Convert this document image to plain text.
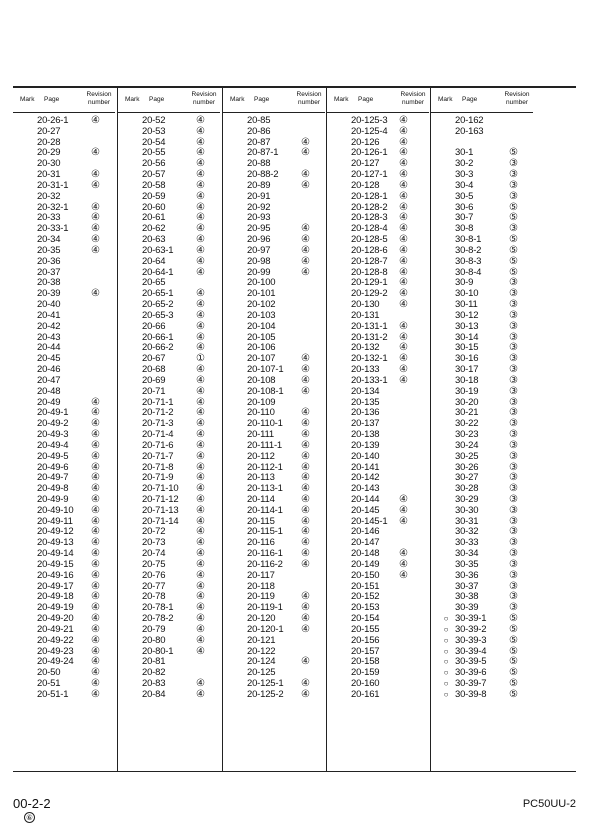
Mark Page
Revision
number
20-26-1 ④
20-27
20-28
20-29	④
20-30
20-31	④
20-31-1 ④
20-32
20-32-1 ④
20-33	④
20-33-1 ④
20-34	④
20-35	④
20-36
20-37
20-38
20-39	④
20-40
20-41
20-42
20-43
20-44
20-45
20-46
20-47
20-48
20-49	④
20-49-1 ④
20-49-2 ④
20-49-3 ④
20-49-4 ④
20-49-5 ④
20-49-6 ④
20-49-7 ④
20-49-8 ④
20-49-9 ④
20-49-10 ④
20-49-11 ④
20-49-12 ④
20-49-13 ④
20-49-14 ④
20-49-15 ④
20-49-16 ④
20-49-17 ④
20-49-18 ④
20-49-19 ④
20-49-20 ④
20-49-21 ④
20-49-22 ④
20-49-23 ④
20-49-24 ④
20-50	④
20-51	④
20-51-1 ④
Mark Page
Revision
number
20-52	④
20-53	④
20-54	④
20-55	④
20-56	④
20-57	④
20-58	④
20-59	④
20-60	④
20-61	④
20-62	④
20-63	④
20-63-1 ④
20-64	④
20-64-1 ④
20-65
20-65-1 ④
20-65-2 ④
20-65-3 ④
20-66	④
20-66-1 ④
20-66-2 ④
20-67	①
20-68	④
20-69	④
20-71	④
20-71-1 ④
20-71-2 ④
20-71-3 ④
20-71-4 ④
20-71-6 ④
20-71-7 ④
20-71-8 ④
20-71-9 ④
20-71-10 ④
20-71-12 ④
20-71-13 ④
20-71-14 ④
20-72	④
20-73	④
20-74	④
20-75	④
20-76	④
20-77	④
20-78	④
20-78-1 ④
20-78-2 ④
20-79	④
20-80	④
20-80-1 ④
20-81
20-82
20-83	④
20-84	④
Mark Page
Revision
number
20-85
20-86
20-87	④
20-87-1 ④
20-88
20-88-2 ④
20-89	④
20-91
20-92
20-93
20-95	④
20-96	④
20-97	④
20-98	④
20-99	④
20-100
20-101
20-102
20-103
20-104
20-105
20-106
20-107	④
20-107-1 ④
20-108	④
20-108-1 ④
20-109
20-110	④
20-110-1 ④
20-111	④
20-111-1 ④
20-112	④
20-112-1 ④
20-113	④
20-113-1 ④
20-114	④
20-114-1 ④
20-115	④
20-115-1 ④
20-116	④
20-116-1 ④
20-116-2 ④
20-117
20-118
20-119	④
20-119-1 ④
20-120	④
20-120-1 ④
20-121
20-122
20-124	④
20-125
20-125-1 ④
20-125-2 ④
Mark Page
Revision
number
20-125-3 ④
20-125-4 ④
20-126 ④
20-126-1 ④
20-127 ④
20-127-1 ④
20-128 ④
20-128-1 ④
20-128-2 ④
20-128-3 ④
20-128-4 ④
20-128-5 ④
20-128-6 ④
20-128-7 ④
20-128-8 ④
20-129-1 ④
20-129-2 ④
20-130 ④
20-131
20-131-1 ④
20-131-2 ④
20-132 ④
20-132-1 ④
20-133 ④
20-133-1 ④
20-134
20-135
20-136
20-137
20-138
20-139
20-140
20-141
20-142
20-143
20-144 ④
20-145 ④
20-145-1 ④
20-146
20-147
20-148 ④
20-149 ④
20-150 ④
20-151
20-152
20-153
20-154
20-155
20-156
20-157
20-158
20-159
20-160
20-161
Mark Page
Revision
number
20-162
20-163
30-1	⑤
30-2	③
30-3	③
30-4	③
30-5	③
30-6	⑤
30-7	⑤
30-8	③
30-8-1	⑤
30-8-2	⑤
30-8-3	⑤
30-8-4	⑤
30-9	③
30-10	③
30-11	③
30-12	③
30-13	③
30-14	③
30-15	③
30-16	③
30-17	③
30-18	③
30-19	③
30-20	③
30-21	③
30-22	③
30-23	③
30-24	③
30-25	③
30-26	③
30-27	③
30-28	③
30-29	③
30-30	③
30-31	③
30-32	③
30-33	③
30-34	③
30-35	③
30-36	③
30-37	③
30-38	③
30-39	③
○ 30-39-1 ⑤
○ 30-39-2 ⑤
○ 30-39-3 ⑤
○ 30-39-4 ⑤
○ 30-39-5 ⑤
○ 30-39-6 ⑤
○ 30-39-7 ⑤
○ 30-39-8 ⑤
00-2-2
⑥
PC50UU-2
